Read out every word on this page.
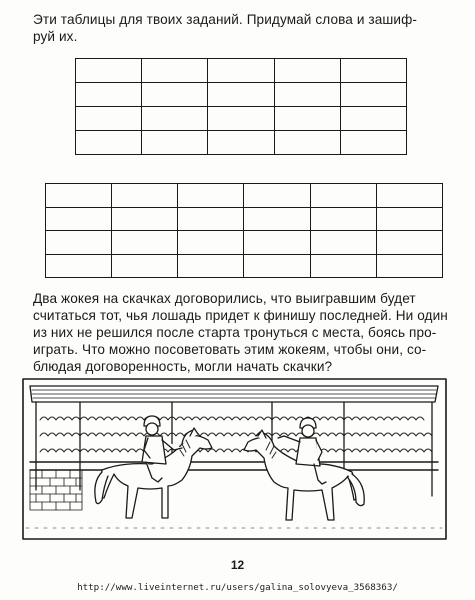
Эти таблицы для твоих заданий. Придумай слова и зашиф-
руй их.

Два жокея на скачках договорились, что выигравшим будет
считаться тот, чья лошадь придет к финишу последней. Ни один
из них не решился после старта тронуться с места, боясь про-
играть. Что можно посоветовать этим жокеям, чтобы они, со-
блюдая договоренность, могли начать скачки?
12
http://www.liveinternet.ru/users/galina_solovyeva_3568363/
